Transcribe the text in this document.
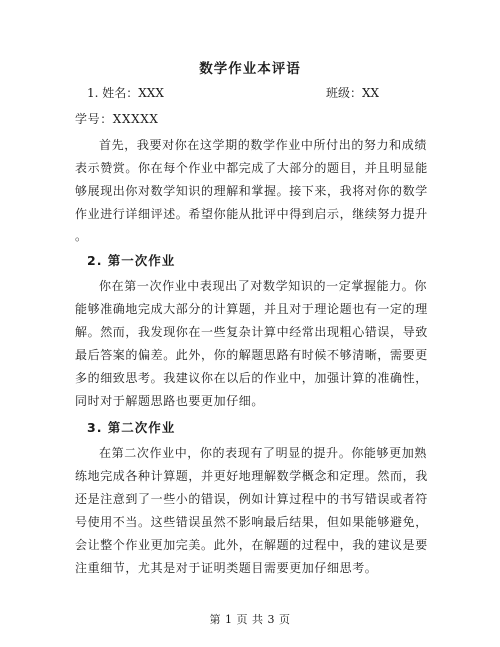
数学作业本评语
1. 姓名：XXX	班级：XX
学号：XXXXX
首先，我要对你在这学期的数学作业中所付出的努力和成绩
表示赞赏。你在每个作业中都完成了大部分的题目，并且明显能
够展现出你对数学知识的理解和掌握。接下来，我将对你的数学
作业进行详细评述。希望你能从批评中得到启示，继续努力提升
。
2. 第一次作业
你在第一次作业中表现出了对数学知识的一定掌握能力。你
能够准确地完成大部分的计算题，并且对于理论题也有一定的理
解。然而，我发现你在一些复杂计算中经常出现粗心错误，导致
最后答案的偏差。此外，你的解题思路有时候不够清晰，需要更
多的细致思考。我建议你在以后的作业中，加强计算的准确性，
同时对于解题思路也要更加仔细。
3. 第二次作业
在第二次作业中，你的表现有了明显的提升。你能够更加熟
练地完成各种计算题，并更好地理解数学概念和定理。然而，我
还是注意到了一些小的错误，例如计算过程中的书写错误或者符
号使用不当。这些错误虽然不影响最后结果，但如果能够避免，
会让整个作业更加完美。此外，在解题的过程中，我的建议是要
注重细节，尤其是对于证明类题目需要更加仔细思考。
第 1 页 共 3 页
